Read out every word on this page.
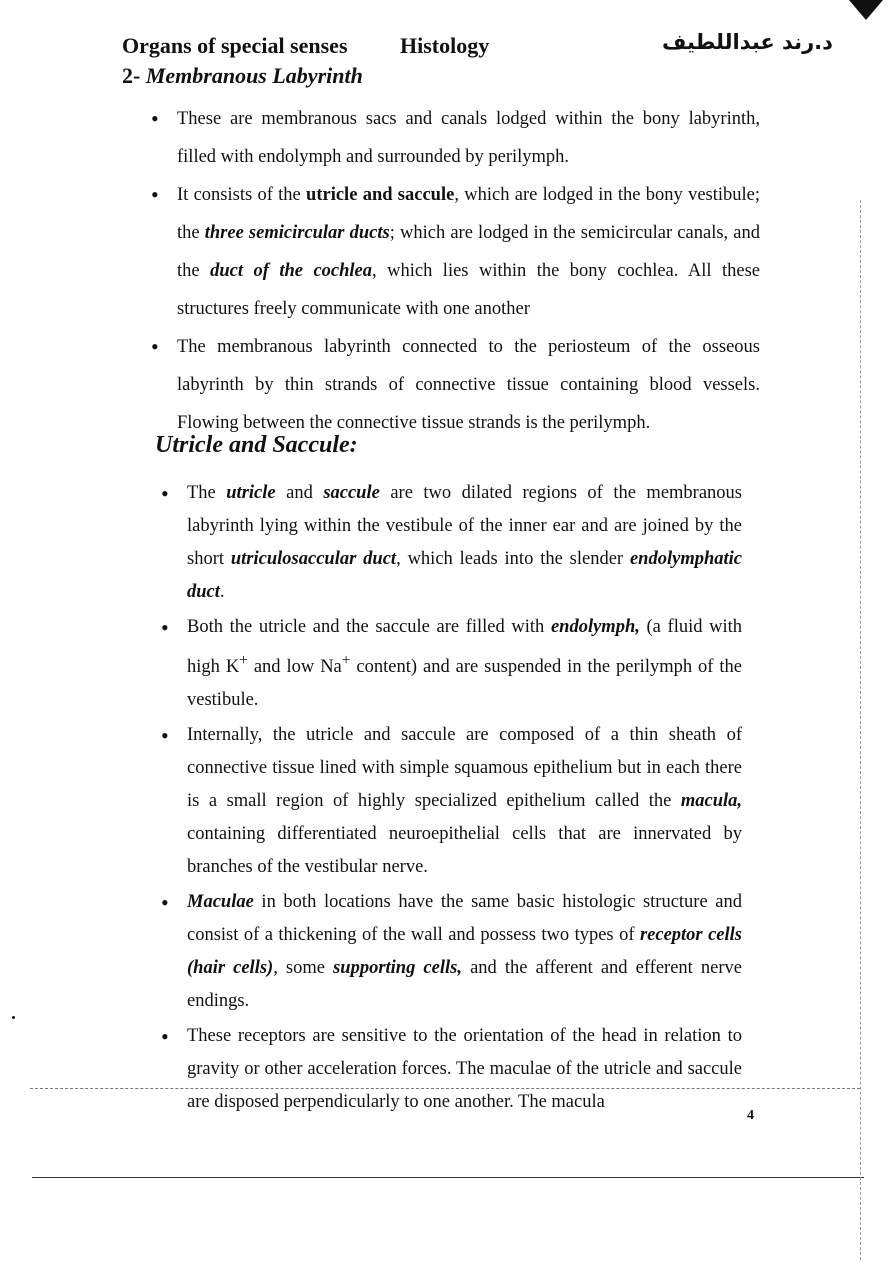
Organs of special senses Histology	د.رند عبداللطيف
2- Membranous Labyrinth
• These are membranous sacs and canals lodged within the bony labyrinth, filled with endolymph and surrounded by perilymph.
• It consists of the utricle and saccule, which are lodged in the bony vestibule; the three semicircular ducts; which are lodged in the semicircular canals, and the duct of the cochlea, which lies within the bony cochlea. All these structures freely communicate with one another
• The membranous labyrinth connected to the periosteum of the osseous labyrinth by thin strands of connective tissue containing blood vessels. Flowing between the connective tissue strands is the perilymph.
Utricle and Saccule:
• The utricle and saccule are two dilated regions of the membranous labyrinth lying within the vestibule of the inner ear and are joined by the short utriculosaccular duct, which leads into the slender endolymphatic duct.
• Both the utricle and the saccule are filled with endolymph, (a fluid with high K+ and low Na+ content) and are suspended in the perilymph of the vestibule.
• Internally, the utricle and saccule are composed of a thin sheath of connective tissue lined with simple squamous epithelium but in each there is a small region of highly specialized epithelium called the macula, containing differentiated neuroepithelial cells that are innervated by branches of the vestibular nerve.
• Maculae in both locations have the same basic histologic structure and consist of a thickening of the wall and possess two types of receptor cells (hair cells), some supporting cells, and the afferent and efferent nerve endings.
• These receptors are sensitive to the orientation of the head in relation to gravity or other acceleration forces. The maculae of the utricle and saccule are disposed perpendicularly to one another. The macula
4
